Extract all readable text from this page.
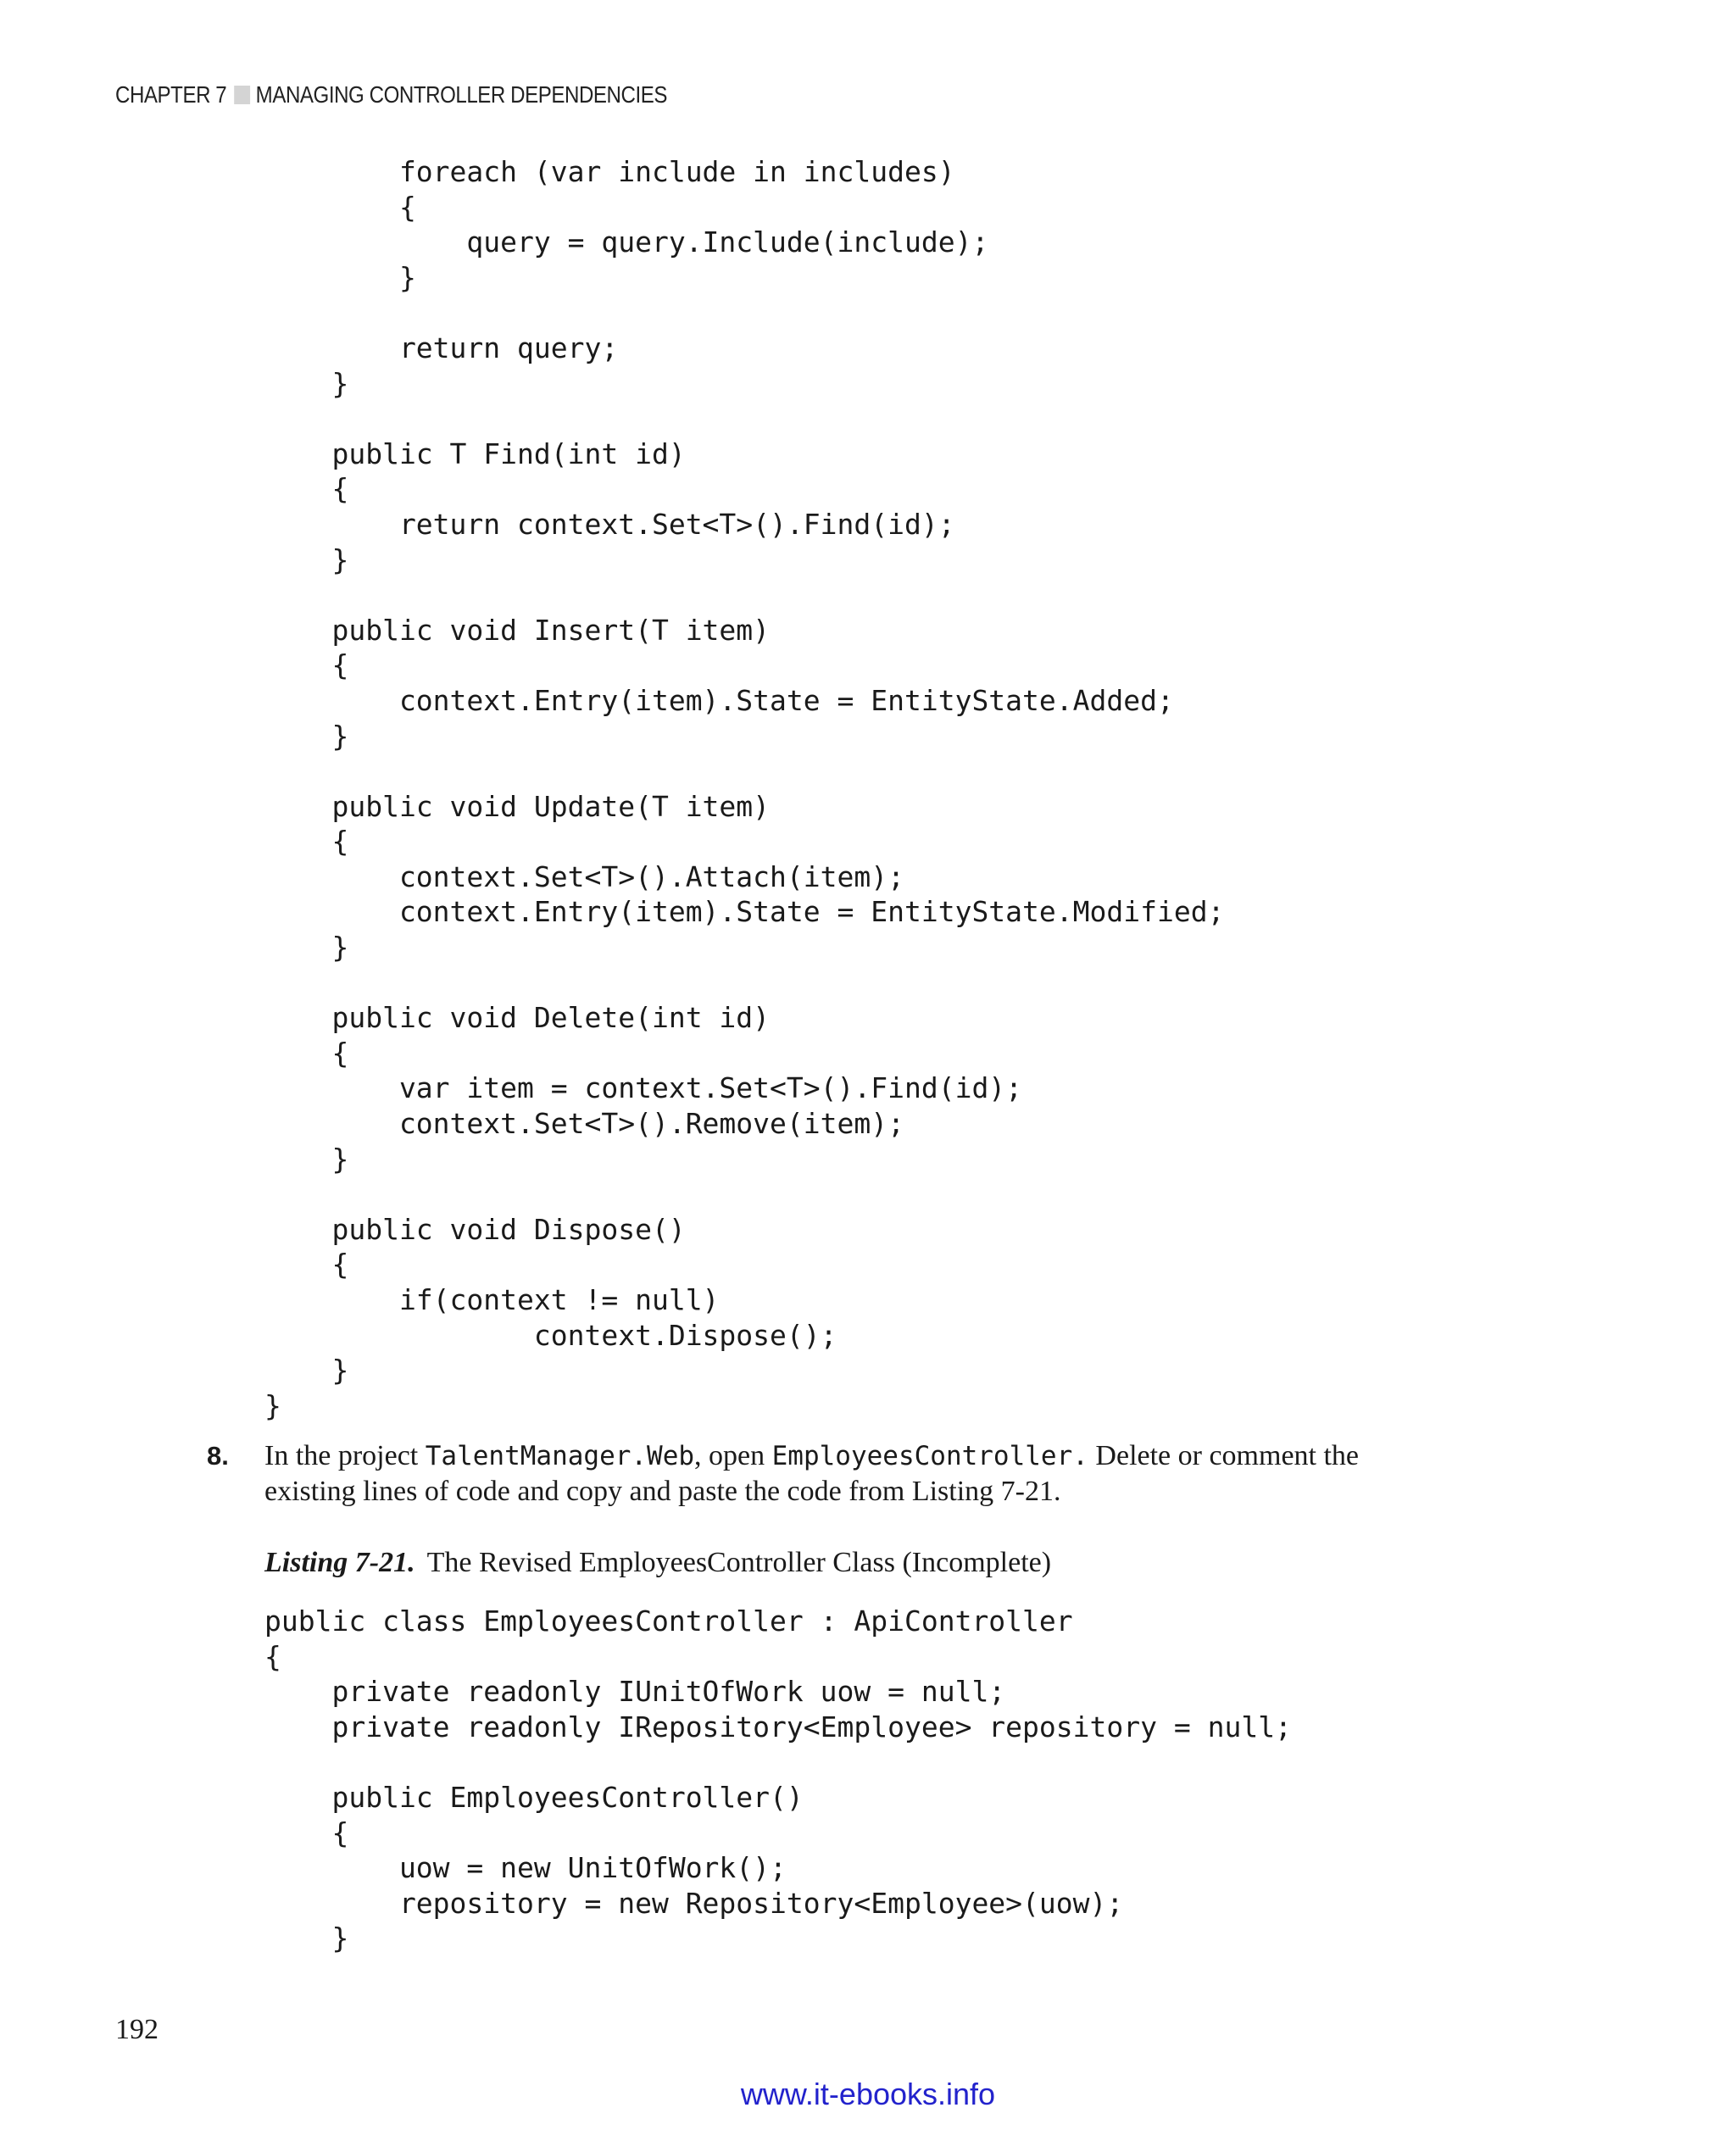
CHAPTER 7 MANAGING CONTROLLER DEPENDENCIES
foreach (var include in includes)
{
query = query.Include(include);
}

return query;
}

public T Find(int id)
{
return context.Set<T>().Find(id);
}

public void Insert(T item)
{
context.Entry(item).State = EntityState.Added;
}

public void Update(T item)
{
context.Set<T>().Attach(item);
context.Entry(item).State = EntityState.Modified;
}

public void Delete(int id)
{
var item = context.Set<T>().Find(id);
context.Set<T>().Remove(item);
}

public void Dispose()
{
if(context != null)
context.Dispose();
}
}
8. In the project TalentManager.Web, open EmployeesController. Delete or comment the existing lines of code and copy and paste the code from Listing 7-21.
Listing 7-21. The Revised EmployeesController Class (Incomplete)
public class EmployeesController : ApiController
{
private readonly IUnitOfWork uow = null;
private readonly IRepository<Employee> repository = null;

public EmployeesController()
{
uow = new UnitOfWork();
repository = new Repository<Employee>(uow);
}
192
www.it-ebooks.info
